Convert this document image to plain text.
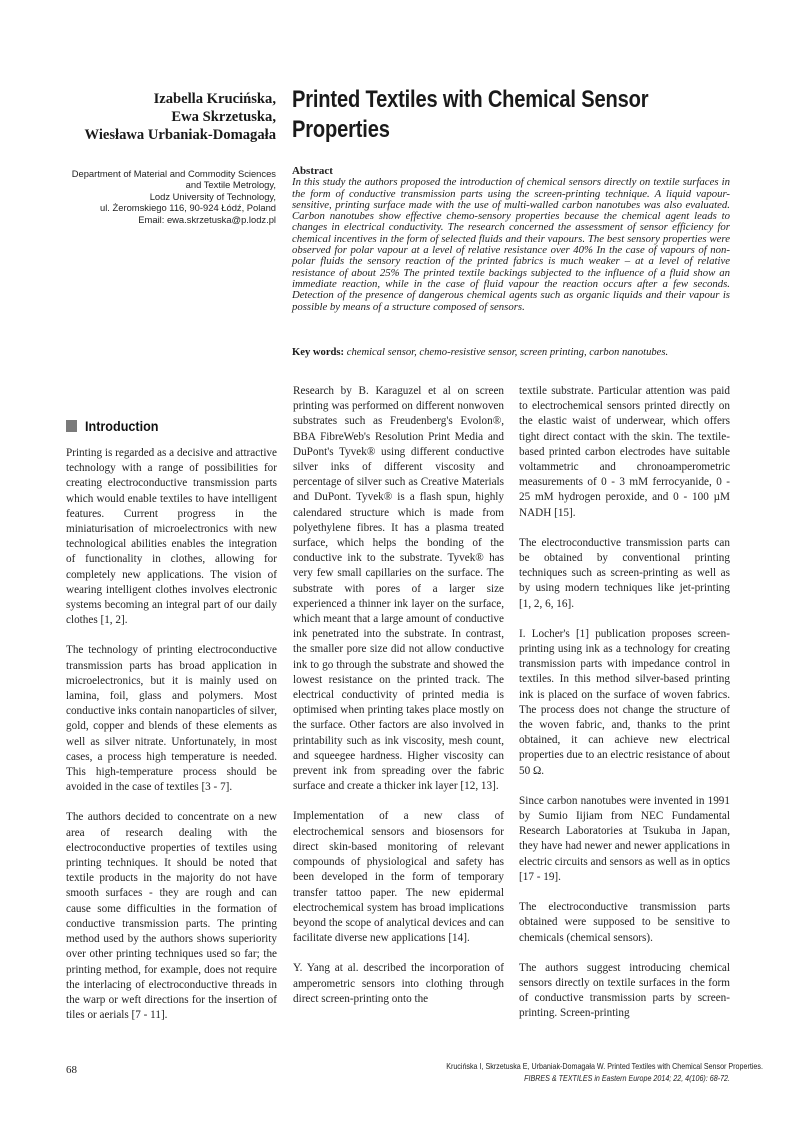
Izabella Krucińska,
Ewa Skrzetuska,
Wiesława Urbaniak-Domagała
Department of Material and Commodity Sciences
and Textile Metrology,
Lodz University of Technology,
ul. Żeromskiego 116, 90-924 Łódź, Poland
Email: ewa.skrzetuska@p.lodz.pl
Printed Textiles with Chemical Sensor Properties
Abstract
In this study the authors proposed the introduction of chemical sensors directly on textile surfaces in the form of conductive transmission parts using the screen-printing technique. A liquid vapour-sensitive, printing surface made with the use of multi-walled carbon nanotubes was also evaluated. Carbon nanotubes show effective chemo-sensory properties because the chemical agent leads to changes in electrical conductivity. The research concerned the assessment of sensor efficiency for chemical incentives in the form of selected fluids and their vapours. The best sensory properties were observed for polar vapour at a level of relative resistance over 40% In the case of vapours of non-polar fluids the sensory reaction of the printed fabrics is much weaker – at a level of relative resistance of about 25% The printed textile backings subjected to the influence of a fluid show an immediate reaction, while in the case of fluid vapour the reaction occurs after a few seconds. Detection of the presence of dangerous chemical agents such as organic liquids and their vapour is possible by means of a structure composed of sensors.
Key words: chemical sensor, chemo-resistive sensor, screen printing, carbon nanotubes.
Introduction

Printing is regarded as a decisive and attractive technology with a range of possibilities for creating electroconductive transmission parts which would enable textiles to have intelligent features. Current progress in the miniaturisation of microelectronics with new technological abilities enables the integration of functionality in clothes, allowing for completely new applications. The vision of wearing intelligent clothes involves electronic systems becoming an integral part of our daily clothes [1, 2].

The technology of printing electroconductive transmission parts has broad application in microelectronics, but it is mainly used on lamina, foil, glass and polymers. Most conductive inks contain nanoparticles of silver, gold, copper and blends of these elements as well as silver nitrate. Unfortunately, in most cases, a process high temperature is needed. This high-temperature process should be avoided in the case of textiles [3 - 7].

The authors decided to concentrate on a new area of research dealing with the electroconductive properties of textiles using printing techniques. It should be noted that textile products in the majority do not have smooth surfaces - they are rough and can cause some difficulties in the formation of conductive transmission parts. The printing method used by the authors shows superiority over other printing techniques used so far; the printing method, for example, does not require the interlacing of electroconductive threads in the warp or weft directions for the insertion of tiles or aerials [7 - 11].

Research by B. Karaguzel et al on screen printing was performed on different nonwoven substrates such as Freudenberg's Evolon®, BBA FibreWeb's Resolution Print Media and DuPont's Tyvek® using different conductive silver inks of different viscosity and percentage of silver such as Creative Materials and DuPont. Tyvek® is a flash spun, highly calendared structure which is made from polyethylene fibres. It has a plasma treated surface, which helps the bonding of the conductive ink to the substrate. Tyvek® has very few small capillaries on the surface. The substrate with pores of a larger size experienced a thinner ink layer on the surface, which meant that a large amount of conductive ink penetrated into the substrate. In contrast, the smaller pore size did not allow conductive ink to go through the substrate and showed the lowest resistance on the printed track. The electrical conductivity of printed media is optimised when printing takes place mostly on the surface. Other factors are also involved in printability such as ink viscosity, mesh count, and squeegee hardness. Higher viscosity can prevent ink from spreading over the fabric surface and create a thicker ink layer [12, 13].

Implementation of a new class of electrochemical sensors and biosensors for direct skin-based monitoring of relevant compounds of physiological and safety has been developed in the form of temporary transfer tattoo paper. The new epidermal electrochemical system has broad implications beyond the scope of analytical devices and can facilitate diverse new applications [14].

Y. Yang at al. described the incorporation of amperometric sensors into clothing through direct screen-printing onto the

textile substrate. Particular attention was paid to electrochemical sensors printed directly on the elastic waist of underwear, which offers tight direct contact with the skin. The textile-based printed carbon electrodes have suitable voltammetric and chronoamperometric measurements of 0 - 3 mM ferrocyanide, 0 - 25 mM hydrogen peroxide, and 0 - 100 µM NADH [15].

The electroconductive transmission parts can be obtained by conventional printing techniques such as screen-printing as well as by using modern techniques like jet-printing [1, 2, 6, 16].

I. Locher's [1] publication proposes screen-printing using ink as a technology for creating transmission parts with impedance control in textiles. In this method silver-based printing ink is placed on the surface of woven fabrics. The process does not change the structure of the woven fabric, and, thanks to the print obtained, it can achieve new electrical properties due to an electric resistance of about 50 Ω.

Since carbon nanotubes were invented in 1991 by Sumio Iijiam from NEC Fundamental Research Laboratories at Tsukuba in Japan, they have had newer and newer applications in electric circuits and sensors as well as in optics [17 - 19].

The electroconductive transmission parts obtained were supposed to be sensitive to chemicals (chemical sensors).

The authors suggest introducing chemical sensors directly on textile surfaces in the form of conductive transmission parts by screen-printing. Screen-printing

68	Krucińska I, Skrzetuska E, Urbaniak-Domagała W. Printed Textiles with Chemical Sensor Properties.
FIBRES & TEXTILES in Eastern Europe 2014; 22, 4(106): 68-72.
